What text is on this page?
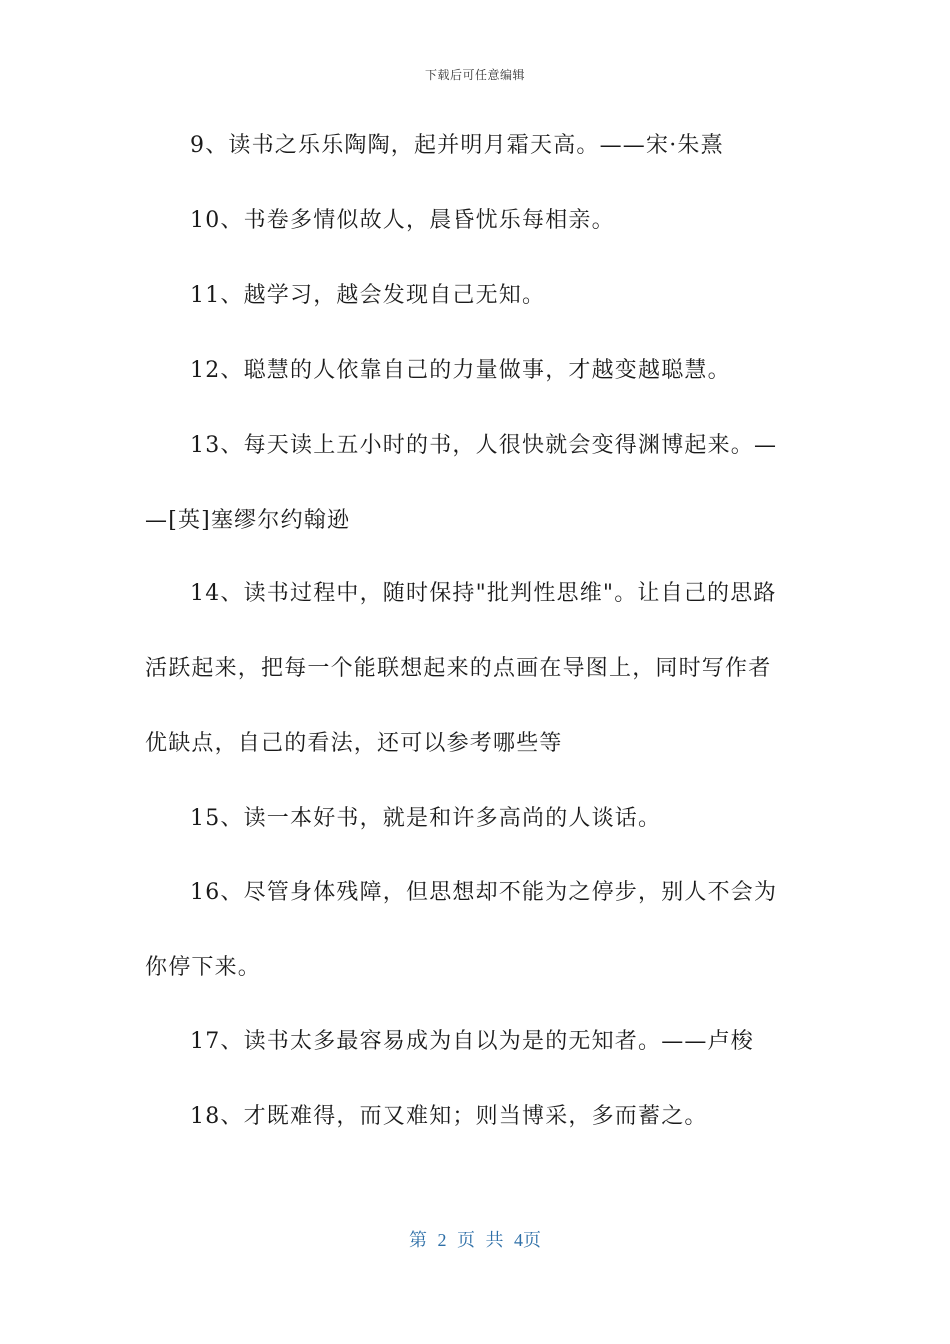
下载后可任意编辑
9、读书之乐乐陶陶，起并明月霜天高。——宋·朱熹
10、书卷多情似故人，晨昏忧乐每相亲。
11、越学习，越会发现自己无知。
12、聪慧的人依靠自己的力量做事，才越变越聪慧。
13、每天读上五小时的书，人很快就会变得渊博起来。—
—[英]塞缪尔约翰逊
14、读书过程中，随时保持"批判性思维"。让自己的思路
活跃起来，把每一个能联想起来的点画在导图上，同时写作者
优缺点，自己的看法，还可以参考哪些等
15、读一本好书，就是和许多高尚的人谈话。
16、尽管身体残障，但思想却不能为之停步，别人不会为
你停下来。
17、读书太多最容易成为自以为是的无知者。——卢梭
18、才既难得，而又难知；则当博采，多而蓄之。
第 2 页 共 4页
